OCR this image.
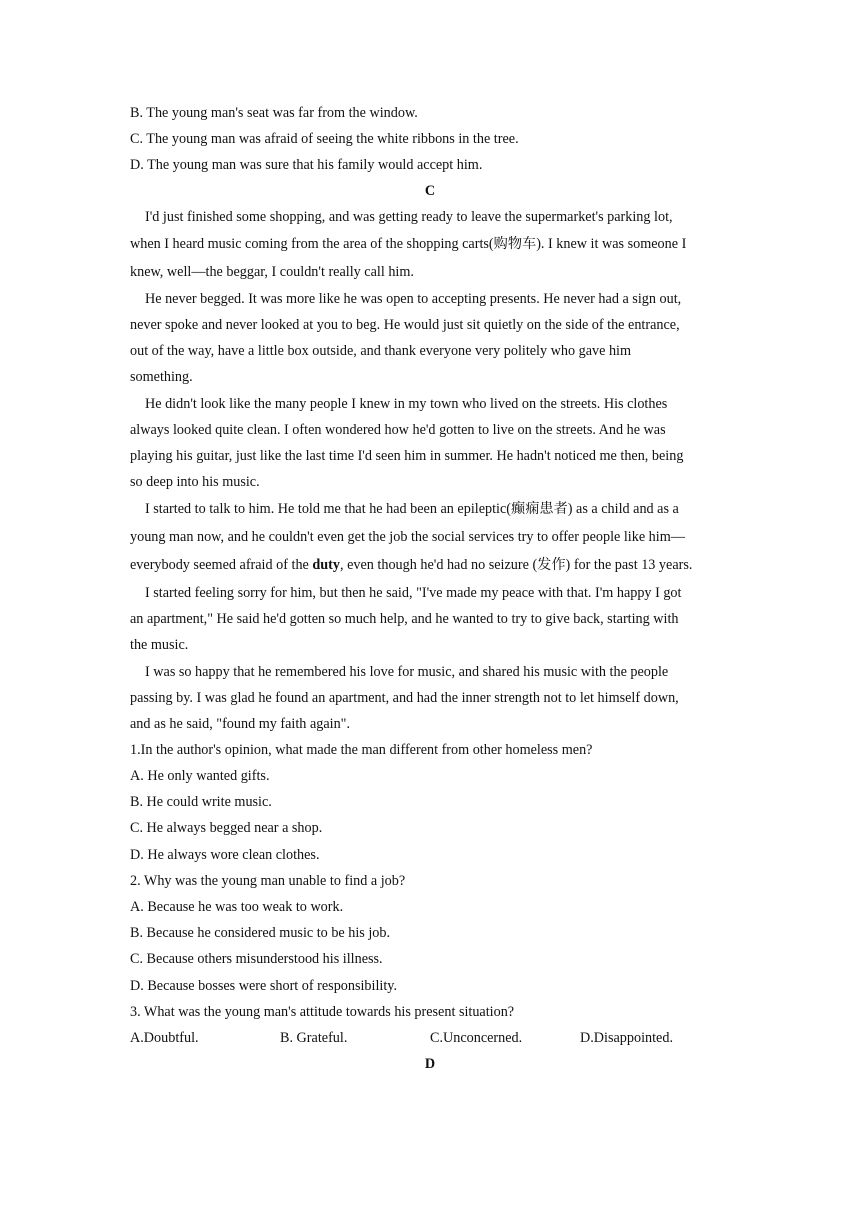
B. The young man's seat was far from the window.
C. The young man was afraid of seeing the white ribbons in the tree.
D. The young man was sure that his family would accept him.
C
I'd just finished some shopping, and was getting ready to leave the supermarket's parking lot,
when I heard music coming from the area of the shopping carts(购物车). I knew it was someone I
knew, well—the beggar, I couldn't really call him.
He never begged. It was more like he was open to accepting presents. He never had a sign out,
never spoke and never looked at you to beg. He would just sit quietly on the side of the entrance,
out of the way, have a little box outside, and thank everyone very politely who gave him
something.
He didn't look like the many people I knew in my town who lived on the streets. His clothes
always looked quite clean. I often wondered how he'd gotten to live on the streets. And he was
playing his guitar, just like the last time I'd seen him in summer. He hadn't noticed me then, being
so deep into his music.
I started to talk to him. He told me that he had been an epileptic(癫痫患者) as a child and as a
young man now, and he couldn't even get the job the social services try to offer people like him—
everybody seemed afraid of the duty, even though he'd had no seizure (发作) for the past 13 years.
I started feeling sorry for him, but then he said, "I've made my peace with that. I'm happy I got
an apartment," He said he'd gotten so much help, and he wanted to try to give back, starting with
the music.
I was so happy that he remembered his love for music, and shared his music with the people
passing by. I was glad he found an apartment, and had the inner strength not to let himself down,
and as he said, "found my faith again".
1.In the author's opinion, what made the man different from other homeless men?
A. He only wanted gifts.
B. He could write music.
C. He always begged near a shop.
D. He always wore clean clothes.
2. Why was the young man unable to find a job?
A. Because he was too weak to work.
B. Because he considered music to be his job.
C. Because others misunderstood his illness.
D. Because bosses were short of responsibility.
3. What was the young man's attitude towards his present situation?
A.Doubtful.	B. Grateful.	C.Unconcerned.	D.Disappointed.
D
